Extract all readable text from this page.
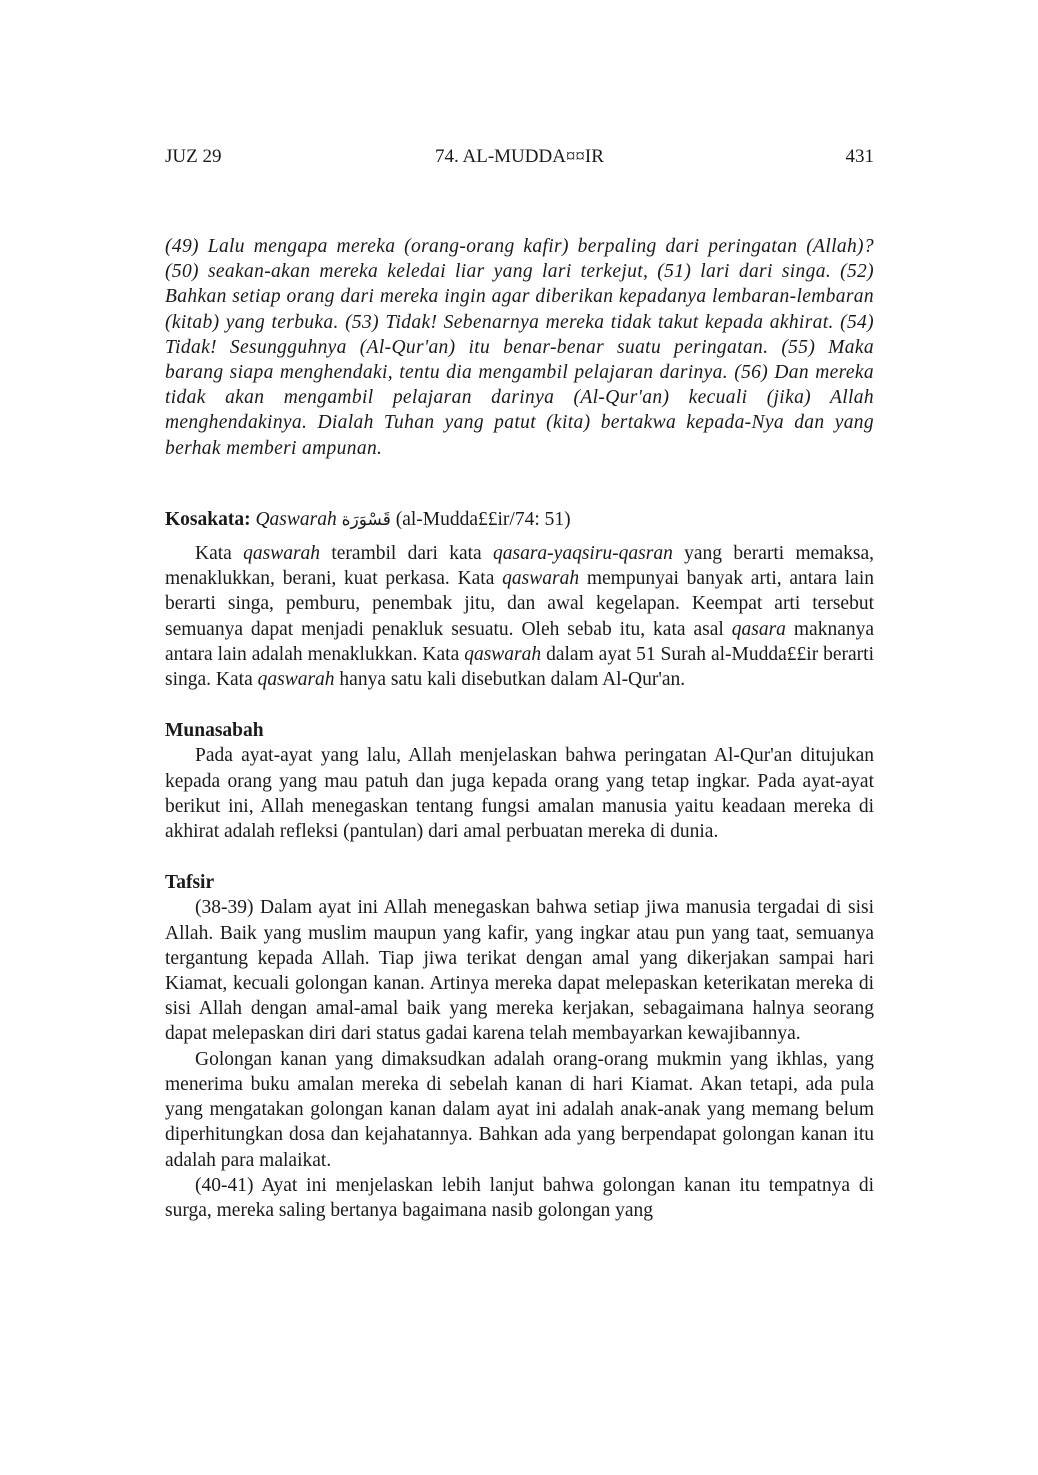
JUZ 29	74. AL-MUDDA¤¤IR	431

(49) Lalu mengapa mereka (orang-orang kafir) berpaling dari peringatan (Allah)? (50) seakan-akan mereka keledai liar yang lari terkejut, (51) lari dari singa. (52) Bahkan setiap orang dari mereka ingin agar diberikan kepadanya lembaran-lembaran (kitab) yang terbuka. (53) Tidak! Sebenarnya mereka tidak takut kepada akhirat. (54) Tidak! Sesungguhnya (Al-Qur'an) itu benar-benar suatu peringatan. (55) Maka barang siapa menghendaki, tentu dia mengambil pelajaran darinya. (56) Dan mereka tidak akan mengambil pelajaran darinya (Al-Qur'an) kecuali (jika) Allah menghendakinya. Dialah Tuhan yang patut (kita) bertakwa kepada-Nya dan yang berhak memberi ampunan.

Kosakata: Qaswarah قَسْوَرَة (al-Mudda££ir/74: 51)

Kata qaswarah terambil dari kata qasara-yaqsiru-qasran yang berarti memaksa, menaklukkan, berani, kuat perkasa. Kata qaswarah mempunyai banyak arti, antara lain berarti singa, pemburu, penembak jitu, dan awal kegelapan. Keempat arti tersebut semuanya dapat menjadi penakluk sesuatu. Oleh sebab itu, kata asal qasara maknanya antara lain adalah menaklukkan. Kata qaswarah dalam ayat 51 Surah al-Mudda££ir berarti singa. Kata qaswarah hanya satu kali disebutkan dalam Al-Qur'an.

Munasabah

Pada ayat-ayat yang lalu, Allah menjelaskan bahwa peringatan Al-Qur'an ditujukan kepada orang yang mau patuh dan juga kepada orang yang tetap ingkar. Pada ayat-ayat berikut ini, Allah menegaskan tentang fungsi amalan manusia yaitu keadaan mereka di akhirat adalah refleksi (pantulan) dari amal perbuatan mereka di dunia.

Tafsir

(38-39) Dalam ayat ini Allah menegaskan bahwa setiap jiwa manusia tergadai di sisi Allah. Baik yang muslim maupun yang kafir, yang ingkar atau pun yang taat, semuanya tergantung kepada Allah. Tiap jiwa terikat dengan amal yang dikerjakan sampai hari Kiamat, kecuali golongan kanan. Artinya mereka dapat melepaskan keterikatan mereka di sisi Allah dengan amal-amal baik yang mereka kerjakan, sebagaimana halnya seorang dapat melepaskan diri dari status gadai karena telah membayarkan kewajibannya.

Golongan kanan yang dimaksudkan adalah orang-orang mukmin yang ikhlas, yang menerima buku amalan mereka di sebelah kanan di hari Kiamat. Akan tetapi, ada pula yang mengatakan golongan kanan dalam ayat ini adalah anak-anak yang memang belum diperhitungkan dosa dan kejahatannya. Bahkan ada yang berpendapat golongan kanan itu adalah para malaikat.

(40-41) Ayat ini menjelaskan lebih lanjut bahwa golongan kanan itu tempatnya di surga, mereka saling bertanya bagaimana nasib golongan yang
